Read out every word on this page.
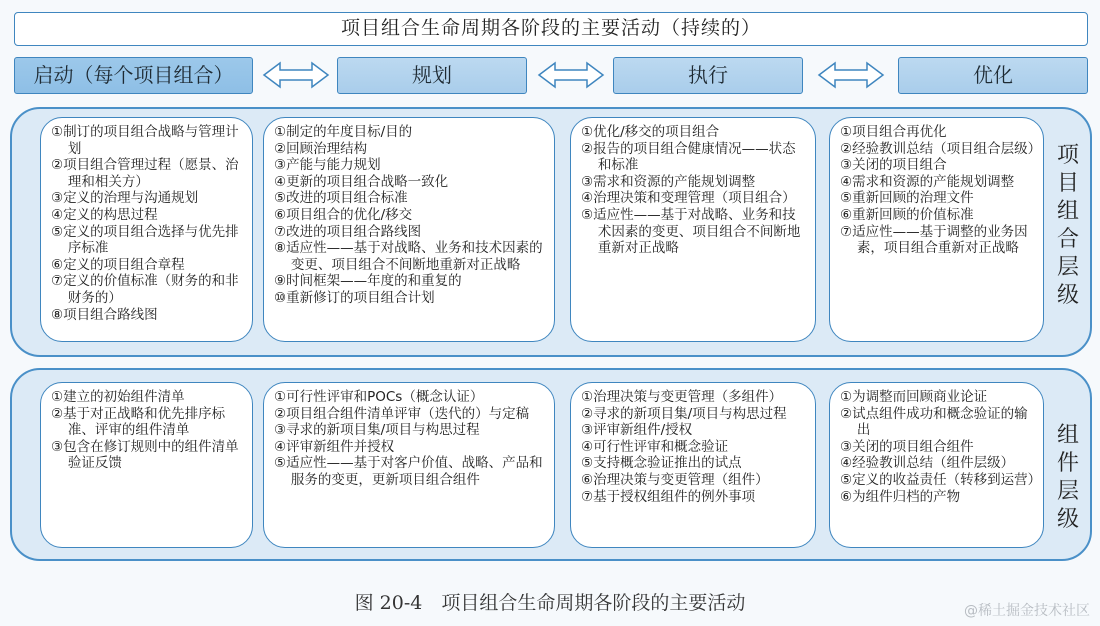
项目组合生命周期各阶段的主要活动（持续的）
启动（每个项目组合）	规划	执行	优化
①制订的项目组合战略与管理计划
②项目组合管理过程（愿景、治理和相关方）
③定义的治理与沟通规划
④定义的构思过程
⑤定义的项目组合选择与优先排序标准
⑥定义的项目组合章程
⑦定义的价值标准（财务的和非财务的）
⑧项目组合路线图
①制定的年度目标/目的
②回顾治理结构
③产能与能力规划
④更新的项目组合战略一致化
⑤改进的项目组合标准
⑥项目组合的优化/移交
⑦改进的项目组合路线图
⑧适应性——基于对战略、业务和技术因素的变更、项目组合不间断地重新对正战略
⑨时间框架——年度的和重复的
⑩重新修订的项目组合计划
①优化/移交的项目组合
②报告的项目组合健康情况——状态和标准
③需求和资源的产能规划调整
④治理决策和变理管理（项目组合）
⑤适应性——基于对战略、业务和技术因素的变更、项目组合不间断地重新对正战略
①项目组合再优化
②经验教训总结（项目组合层级）
③关闭的项目组合
④需求和资源的产能规划调整
⑤重新回顾的治理文件
⑥重新回顾的价值标准
⑦适应性——基于调整的业务因素，项目组合重新对正战略
项目组合层级
①建立的初始组件清单
②基于对正战略和优先排序标准、评审的组件清单
③包含在修订规则中的组件清单验证反馈
①可行性评审和POCs（概念认证）
②项目组合组件清单评审（迭代的）与定稿
③寻求的新项目集/项目与构思过程
④评审新组件并授权
⑤适应性——基于对客户价值、战略、产品和服务的变更，更新项目组合组件
①治理决策与变更管理（多组件）
②寻求的新项目集/项目与构思过程
③评审新组件/授权
④可行性评审和概念验证
⑤支持概念验证推出的试点
⑥治理决策与变更管理（组件）
⑦基于授权组组件的例外事项
①为调整而回顾商业论证
②试点组件成功和概念验证的输出
③关闭的项目组合组件
④经验教训总结（组件层级）
⑤定义的收益责任（转移到运营）
⑥为组件归档的产物
组件层级
图 20-4　项目组合生命周期各阶段的主要活动	@稀土掘金技术社区
